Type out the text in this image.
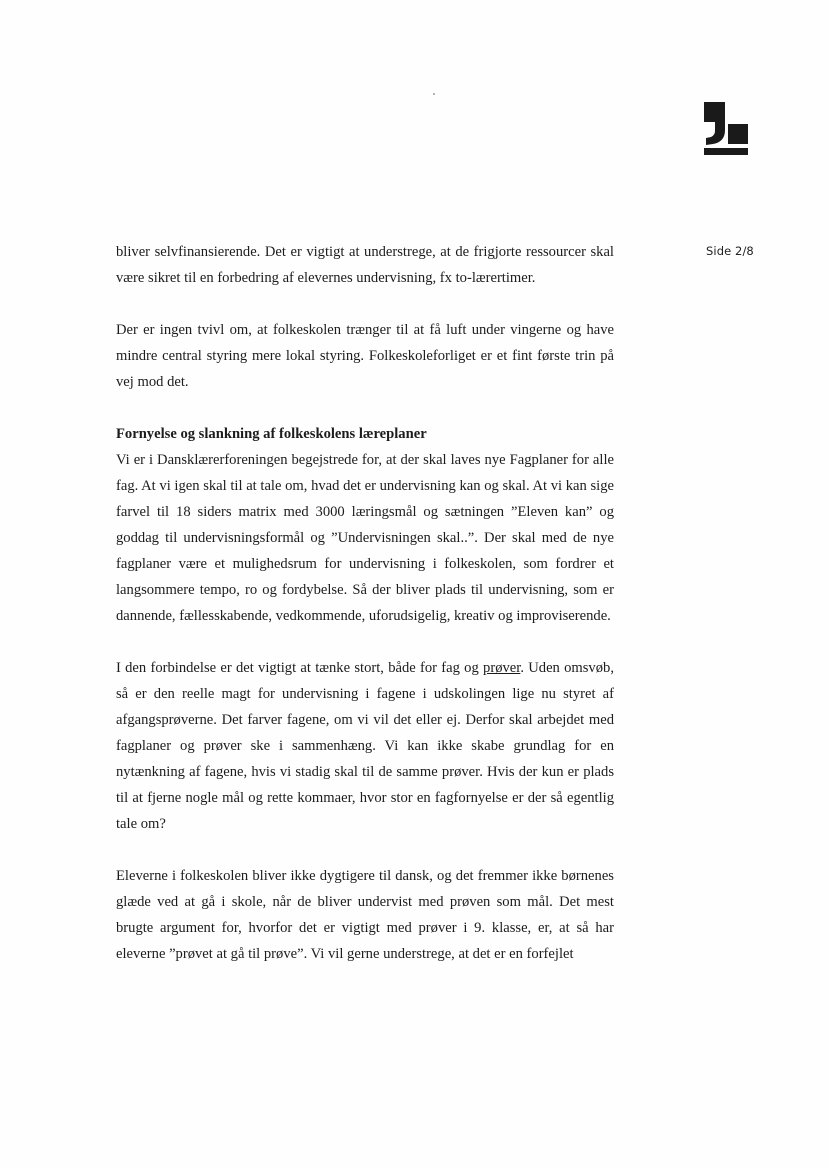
Side 2/8

bliver selvfinansierende. Det er vigtigt at understrege, at de frigjorte ressourcer skal være sikret til en forbedring af elevernes undervisning, fx to-lærertimer.

Der er ingen tvivl om, at folkeskolen trænger til at få luft under vingerne og have mindre central styring mere lokal styring. Folkeskoleforliget er et fint første trin på vej mod det.

Fornyelse og slankning af folkeskolens læreplaner

Vi er i Dansklærerforeningen begejstrede for, at der skal laves nye Fagplaner for alle fag. At vi igen skal til at tale om, hvad det er undervisning kan og skal. At vi kan sige farvel til 18 siders matrix med 3000 læringsmål og sætningen ”Eleven kan” og goddag til undervisningsformål og ”Undervisningen skal..”. Der skal med de nye fagplaner være et mulighedsrum for undervisning i folkeskolen, som fordrer et langsommere tempo, ro og fordybelse. Så der bliver plads til undervisning, som er dannende, fællesskabende, vedkommende, uforudsigelig, kreativ og improviserende.

I den forbindelse er det vigtigt at tænke stort, både for fag og prøver. Uden omsvøb, så er den reelle magt for undervisning i fagene i udskolingen lige nu styret af afgangsprøverne. Det farver fagene, om vi vil det eller ej. Derfor skal arbejdet med fagplaner og prøver ske i sammenhæng. Vi kan ikke skabe grundlag for en nytænkning af fagene, hvis vi stadig skal til de samme prøver. Hvis der kun er plads til at fjerne nogle mål og rette kommaer, hvor stor en fagfornyelse er der så egentlig tale om?

Eleverne i folkeskolen bliver ikke dygtigere til dansk, og det fremmer ikke børnenes glæde ved at gå i skole, når de bliver undervist med prøven som mål. Det mest brugte argument for, hvorfor det er vigtigt med prøver i 9. klasse, er, at så har eleverne ”prøvet at gå til prøve”. Vi vil gerne understrege, at det er en forfejlet
